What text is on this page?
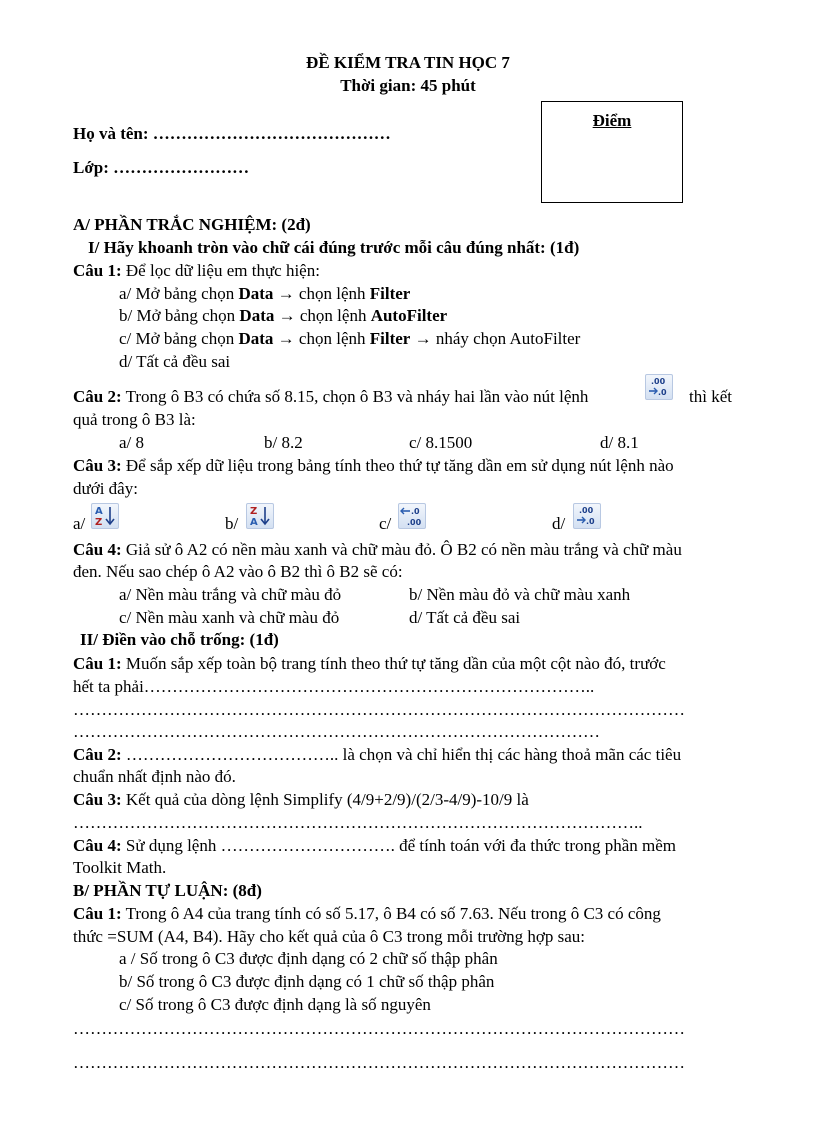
ĐỀ KIỂM TRA TIN HỌC 7
Thời gian: 45 phút
Họ và tên: ……………………………………
Lớp: ……………………
Điểm
A/ PHẦN TRẮC NGHIỆM: (2đ)
I/ Hãy khoanh tròn vào chữ cái đúng trước mỗi câu đúng nhất: (1đ)
Câu 1: Để lọc dữ liệu em thực hiện:
a/ Mở bảng chọn Data → chọn lệnh Filter
b/ Mở bảng chọn Data → chọn lệnh AutoFilter
c/ Mở bảng chọn Data → chọn lệnh Filter → nháy chọn AutoFilter
d/ Tất cả đều sai
Câu 2: Trong ô B3 có chứa số 8.15, chọn ô B3 và nháy hai lần vào nút lệnh
.00
.0 thì kết
quả trong ô B3 là:
a/ 8	b/ 8.2	c/ 8.1500	d/ 8.1
Câu 3: Để sắp xếp dữ liệu trong bảng tính theo thứ tự tăng dần em sử dụng nút lệnh nào
dưới đây:
a/
A
Z	b/
Z
A	c/
.0
.00	d/
.00
.0
Câu 4: Giả sử ô A2 có nền màu xanh và chữ màu đỏ. Ô B2 có nền màu trắng và chữ màu
đen. Nếu sao chép ô A2 vào ô B2 thì ô B2 sẽ có:
a/ Nền màu trắng và chữ màu đỏ	b/ Nền màu đỏ và chữ màu xanh
c/ Nền màu xanh và chữ màu đỏ	d/ Tất cả đều sai
II/ Điền vào chỗ trống: (1đ)
Câu 1: Muốn sắp xếp toàn bộ trang tính theo thứ tự tăng dần của một cột nào đó, trước
hết ta phải……………………………………………………………………..
………………………………………………………………………………………………
…………………………………………………………………………………
Câu 2: ……………………………….. là chọn và chỉ hiển thị các hàng thoả mãn các tiêu
chuẩn nhất định nào đó.
Câu 3: Kết quả của dòng lệnh Simplify (4/9+2/9)/(2/3-4/9)-10/9 là
………………………………………………………………………………………..
Câu 4: Sử dụng lệnh …………………………. để tính toán với đa thức trong phần mềm
Toolkit Math.
B/ PHẦN TỰ LUẬN: (8đ)
Câu 1: Trong ô A4 của trang tính có số 5.17, ô B4 có số 7.63. Nếu trong ô C3 có công
thức =SUM (A4, B4). Hãy cho kết quả của ô C3 trong mỗi trường hợp sau:
a / Số trong ô C3 được định dạng có 2 chữ số thập phân
b/ Số trong ô C3 được định dạng có 1 chữ số thập phân
c/ Số trong ô C3 được định dạng là số nguyên
………………………………………………………………………………………………
………………………………………………………………………………………………
